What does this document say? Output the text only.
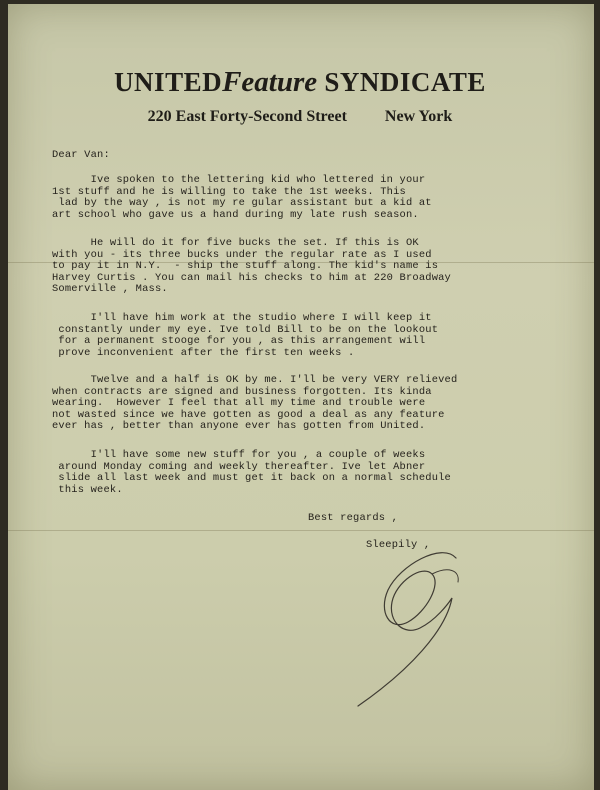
UNITEDFeature SYNDICATE
220 East Forty-Second Street New York

Dear Van:

Ive spoken to the lettering kid who lettered in your
1st stuff and he is willing to take the 1st weeks. This
lad by the way , is not my re gular assistant but a kid at
art school who gave us a hand during my late rush season.

He will do it for five bucks the set. If this is OK
with you - its three bucks under the regular rate as I used
to pay it in N.Y.  - ship the stuff along. The kid's name is
Harvey Curtis . You can mail his checks to him at 220 Broadway
Somerville , Mass.

I'll have him work at the studio where I will keep it
constantly under my eye. Ive told Bill to be on the lookout
for a permanent stooge for you , as this arrangement will
prove inconvenient after the first ten weeks .

Twelve and a half is OK by me. I'll be very VERY relieved
when contracts are signed and business forgotten. Its kinda
wearing.  However I feel that all my time and trouble were
not wasted since we have gotten as good a deal as any feature
ever has , better than anyone ever has gotten from United.

I'll have some new stuff for you , a couple of weeks
around Monday coming and weekly thereafter. Ive let Abner
slide all last week and must get it back on a normal schedule
this week.

Best regards ,

Sleepily ,
